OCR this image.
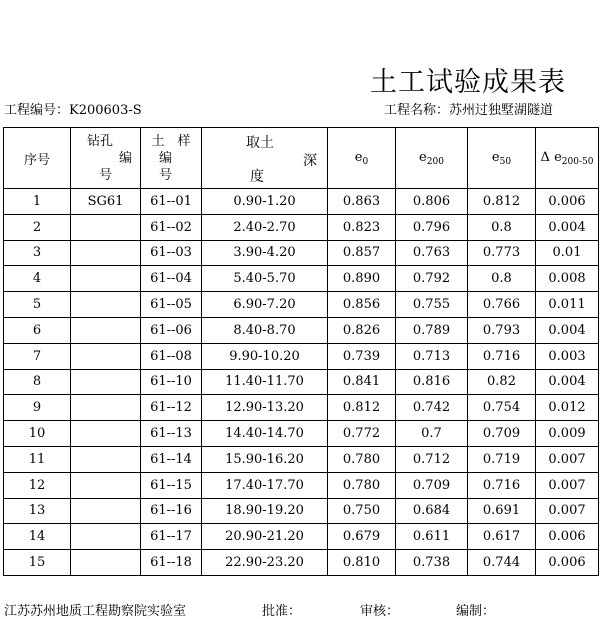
土工试验成果表
工程编号：K200603-S	工程名称：苏州过独墅湖隧道
序号	钻孔
编
号	土　样
编
号	取土
深
度	$e_0$	$e_{200}$	$e_{50}$	Δ $e_{200-50}$
1	SG61	61--01	0.90-1.20	0.863	0.806	0.812	0.006
2		61--02	2.40-2.70	0.823	0.796	0.8	0.004
3		61--03	3.90-4.20	0.857	0.763	0.773	0.01
4		61--04	5.40-5.70	0.890	0.792	0.8	0.008
5		61--05	6.90-7.20	0.856	0.755	0.766	0.011
6		61--06	8.40-8.70	0.826	0.789	0.793	0.004
7		61--08	9.90-10.20	0.739	0.713	0.716	0.003
8		61--10	11.40-11.70	0.841	0.816	0.82	0.004
9		61--12	12.90-13.20	0.812	0.742	0.754	0.012
10		61--13	14.40-14.70	0.772	0.7	0.709	0.009
11		61--14	15.90-16.20	0.780	0.712	0.719	0.007
12		61--15	17.40-17.70	0.780	0.709	0.716	0.007
13		61--16	18.90-19.20	0.750	0.684	0.691	0.007
14		61--17	20.90-21.20	0.679	0.611	0.617	0.006
15		61--18	22.90-23.20	0.810	0.738	0.744	0.006
江苏苏州地质工程勘察院实验室	批准：	审核：	编制：
